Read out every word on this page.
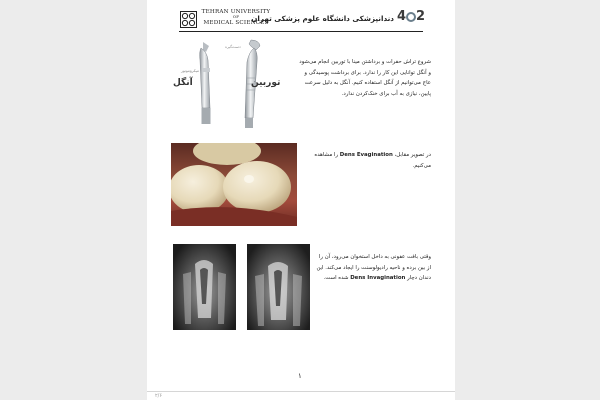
TEHRAN UNIVERSITY
OF
MEDICAL SCIENCES
دندانپزشکی دانشگاه علوم پزشکی تهران 4 2
آنگل	توربین
میکروموتور
دست‌گیره
شروع تراش حفرات و برداشتن مینا با توربین انجام می‌شود و آنگل توانایی این کار را ندارد. برای برداشت پوسیدگی و عاج می‌توانیم از آنگل استفاده کنیم. آنگل به دلیل سرعت پایین، نیازی به آب برای خنک‌کردن ندارد.
در تصویر مقابل، Dens Evagination را مشاهده می‌کنیم.
وقتی بافت عفونی به داخل استخوان می‌رود، آن را از بین برده و ناحیه رادیولوسنت را ایجاد می‌کند. این دندان دچار Dens Invagination شده است.
۱
۲/۶
